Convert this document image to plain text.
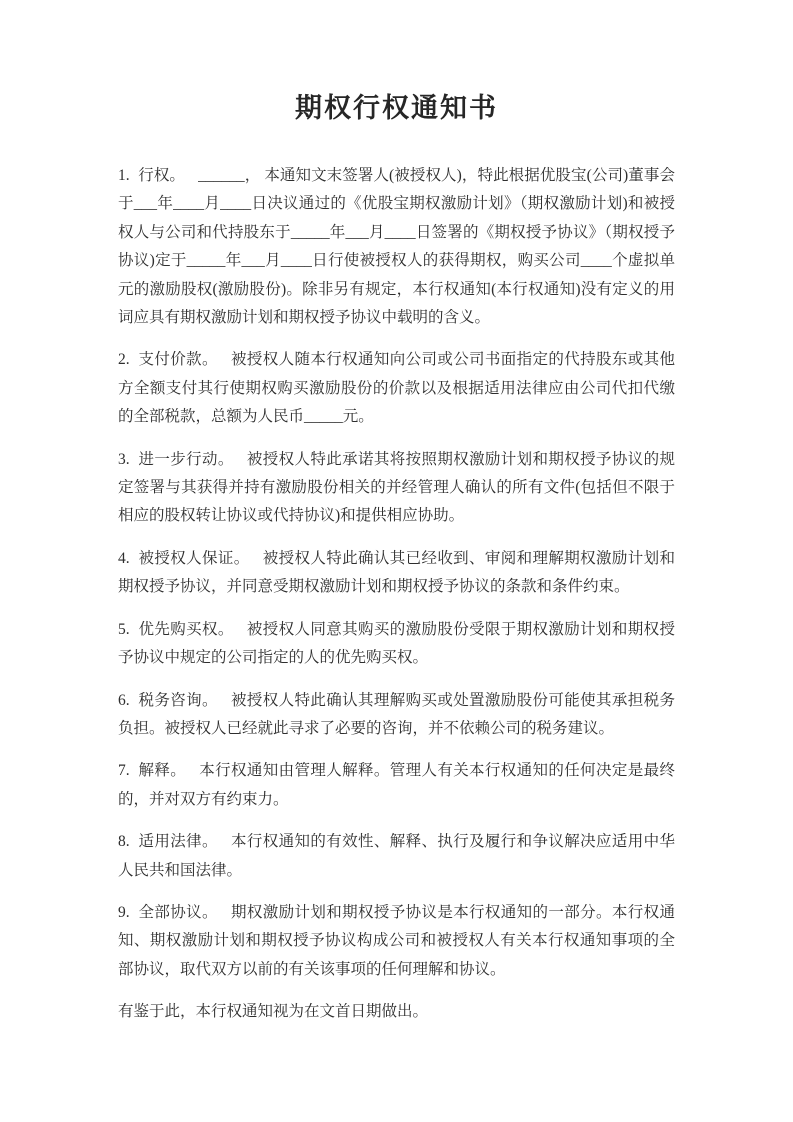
期权行权通知书

1. 行权。 ______， 本通知文末签署人(被授权人)，特此根据优股宝(公司)董事会于___年____月____日决议通过的《优股宝期权激励计划》（期权激励计划)和被授权人与公司和代持股东于_____年___月____日签署的《期权授予协议》（期权授予协议)定于_____年___月____日行使被授权人的获得期权，购买公司____个虚拟单元的激励股权(激励股份)。除非另有规定，本行权通知(本行权通知)没有定义的用词应具有期权激励计划和期权授予协议中载明的含义。

2. 支付价款。 被授权人随本行权通知向公司或公司书面指定的代持股东或其他方全额支付其行使期权购买激励股份的价款以及根据适用法律应由公司代扣代缴的全部税款，总额为人民币_____元。

3. 进一步行动。 被授权人特此承诺其将按照期权激励计划和期权授予协议的规定签署与其获得并持有激励股份相关的并经管理人确认的所有文件(包括但不限于相应的股权转让协议或代持协议)和提供相应协助。

4. 被授权人保证。 被授权人特此确认其已经收到、审阅和理解期权激励计划和期权授予协议，并同意受期权激励计划和期权授予协议的条款和条件约束。

5. 优先购买权。 被授权人同意其购买的激励股份受限于期权激励计划和期权授予协议中规定的公司指定的人的优先购买权。

6. 税务咨询。 被授权人特此确认其理解购买或处置激励股份可能使其承担税务负担。被授权人已经就此寻求了必要的咨询，并不依赖公司的税务建议。

7. 解释。 本行权通知由管理人解释。管理人有关本行权通知的任何决定是最终的，并对双方有约束力。

8. 适用法律。 本行权通知的有效性、解释、执行及履行和争议解决应适用中华人民共和国法律。

9. 全部协议。 期权激励计划和期权授予协议是本行权通知的一部分。本行权通知、期权激励计划和期权授予协议构成公司和被授权人有关本行权通知事项的全部协议，取代双方以前的有关该事项的任何理解和协议。

有鉴于此，本行权通知视为在文首日期做出。
